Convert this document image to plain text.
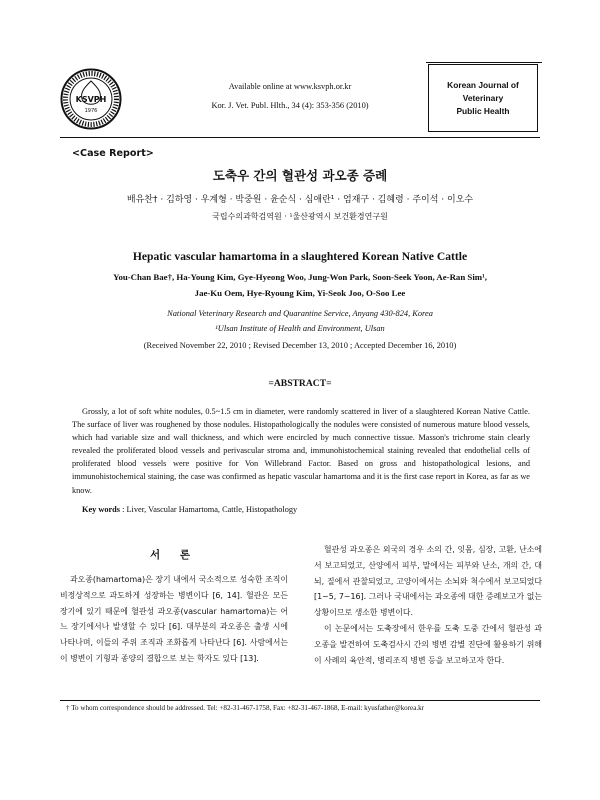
KSVPH
1976
Available online at www.ksvph.or.kr
Kor. J. Vet. Publ. Hlth., 34 (4): 353-356 (2010)
Korean Journal of
Veterinary
Public Health
<Case Report>
도축우 간의 혈관성 과오종 증례
배유찬† · 김하영 · 우계형 · 박중원 · 윤순식 · 심애란¹ · 엄재구 · 김혜령 · 주이석 · 이오수
국립수의과학검역원 · ¹울산광역시 보건환경연구원
Hepatic vascular hamartoma in a slaughtered Korean Native Cattle
You-Chan Bae†, Ha-Young Kim, Gye-Hyeong Woo, Jung-Won Park, Soon-Seek Yoon, Ae-Ran Sim¹,
Jae-Ku Oem, Hye-Ryoung Kim, Yi-Seok Joo, O-Soo Lee
National Veterinary Research and Quarantine Service, Anyang 430-824, Korea
¹Ulsan Institute of Health and Environment, Ulsan
(Received November 22, 2010 ; Revised December 13, 2010 ; Accepted December 16, 2010)
=ABSTRACT=
Grossly, a lot of soft white nodules, 0.5~1.5 cm in diameter, were randomly scattered in liver of a slaughtered Korean Native Cattle. The surface of liver was roughened by those nodules. Histopathologically the nodules were consisted of numerous mature blood vessels, which had variable size and wall thickness, and which were encircled by much connective tissue. Masson's trichrome stain clearly revealed the proliferated blood vessels and perivascular stroma and, immunohistochemical staining revealed that endothelial cells of proliferated blood vessels were positive for Von Willebrand Factor. Based on gross and histopathological lesions, and immunohistochemical staining, the case was confirmed as hepatic vascular hamartoma and it is the first case report in Korea, as far as we know.
Key words : Liver, Vascular Hamartoma, Cattle, Histopathology
서 론

과오종(hamartoma)은 장기 내에서 국소적으로 성숙한 조직이 비정상적으로 과도하게 성장하는 병변이다 [6, 14]. 혈관은 모든 장기에 있기 때문에 혈관성 과오종(vascular hamartoma)는 어느 장기에서나 발생할 수 있다 [6]. 대부분의 과오종은 출생 시에 나타나며, 이들의 주위 조직과 조화롭게 나타난다 [6]. 사람에서는 이 병변이 기형과 종양의 결합으로 보는 학자도 있다 [13].

혈관성 과오종은 외국의 경우 소의 간, 잇몸, 심장, 고환, 난소에서 보고되었고, 산양에서 피부, 말에서는 피부와 난소, 개의 간, 대뇌, 질에서 관찰되었고, 고양이에서는 소뇌와 척수에서 보고되었다 [1~5, 7~16]. 그러나 국내에서는 과오종에 대한 증례보고가 없는 상황이므로 생소한 병변이다.

이 논문에서는 도축장에서 한우를 도축 도중 간에서 혈관성 과오종을 발견하여 도축검사시 간의 병변 감별 진단에 활용하기 위해 이 사례의 육안적, 병리조직 병변 등을 보고하고자 한다.

† To whom correspondence should be addressed. Tel: +82-31-467-1758, Fax: +82-31-467-1868, E-mail: kyusfather@korea.kr
